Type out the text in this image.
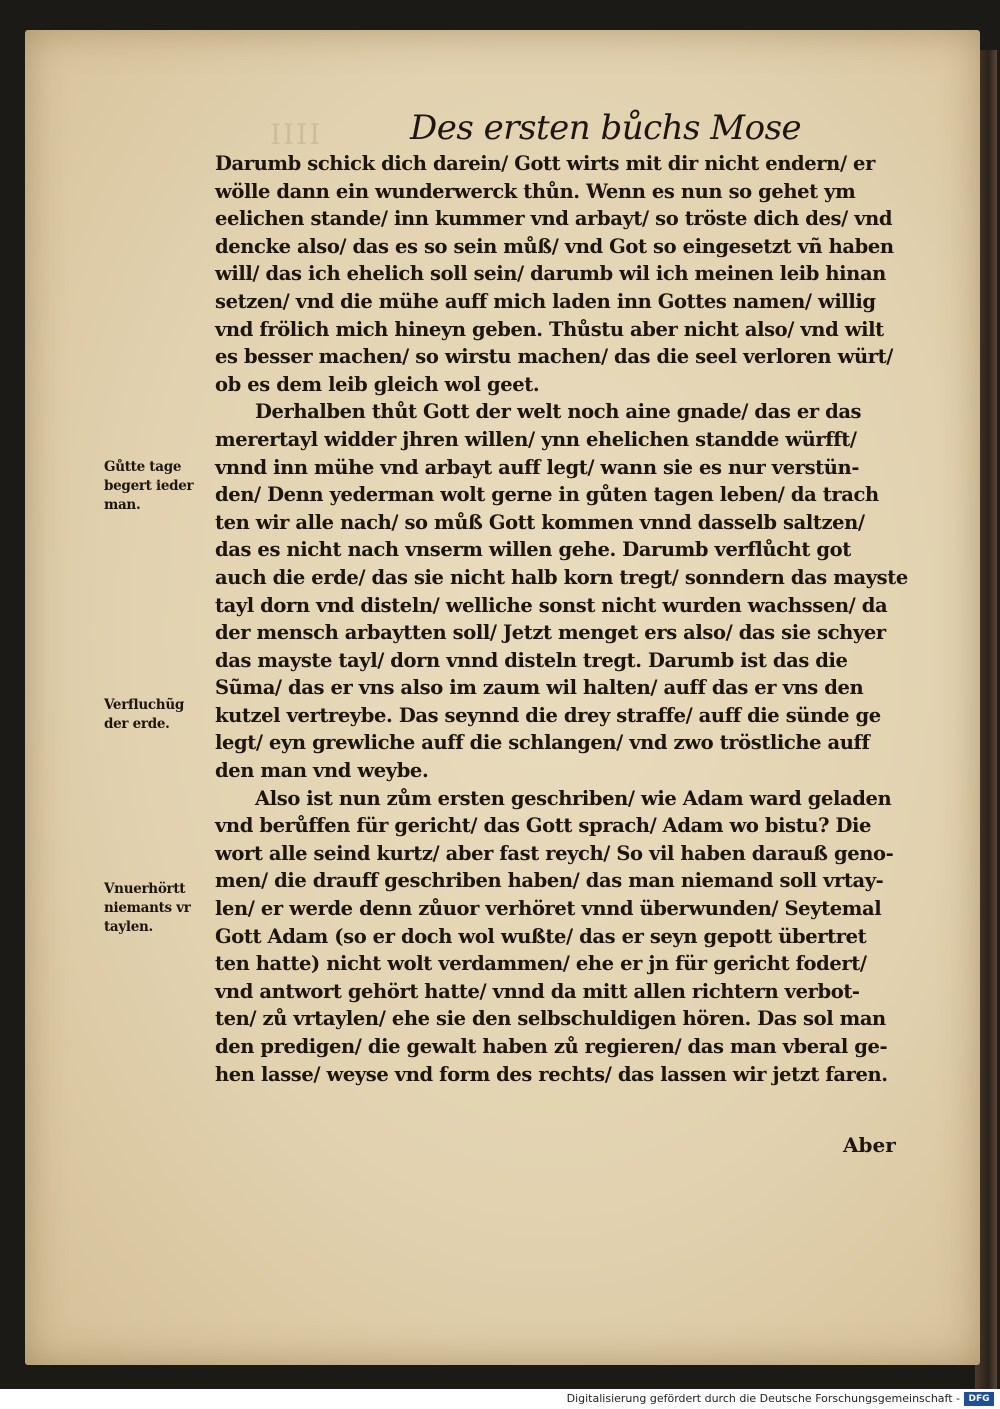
IIII	Des ersten bůchs Mose
Darumb schick dich darein/ Gott wirts mit dir nicht endern/ er
wölle dann ein wunderwerck thůn. Wenn es nun so gehet ym
eelichen stande/ inn kummer vnd arbayt/ so tröste dich des/ vnd
dencke also/ das es so sein můß/ vnd Got so eingesetzt vñ haben
will/ das ich ehelich soll sein/ darumb wil ich meinen leib hinan
setzen/ vnd die mühe auff mich laden inn Gottes namen/ willig
vnd frölich mich hineyn geben. Thůstu aber nicht also/ vnd wilt
es besser machen/ so wirstu machen/ das die seel verloren würt/
ob es dem leib gleich wol geet.
Derhalben thůt Gott der welt noch aine gnade/ das er das
merertayl widder jhren willen/ ynn ehelichen standde würfft/
vnnd inn mühe vnd arbayt auff legt/ wann sie es nur verstün-
den/ Denn yederman wolt gerne in gůten tagen leben/ da trach
ten wir alle nach/ so můß Gott kommen vnnd dasselb saltzen/
das es nicht nach vnserm willen gehe. Darumb verflůcht got
auch die erde/ das sie nicht halb korn tregt/ sonndern das mayste
tayl dorn vnd disteln/ welliche sonst nicht wurden wachssen/ da
der mensch arbaytten soll/ Jetzt menget ers also/ das sie schyer
das mayste tayl/ dorn vnnd disteln tregt. Darumb ist das die
Sũma/ das er vns also im zaum wil halten/ auff das er vns den
kutzel vertreybe. Das seynnd die drey straffe/ auff die sünde ge
legt/ eyn grewliche auff die schlangen/ vnd zwo tröstliche auff
den man vnd weybe.
Also ist nun zům ersten geschriben/ wie Adam ward geladen
vnd berůffen für gericht/ das Gott sprach/ Adam wo bistu? Die
wort alle seind kurtz/ aber fast reych/ So vil haben darauß geno-
men/ die drauff geschriben haben/ das man niemand soll vrtay-
len/ er werde denn zůuor verhöret vnnd überwunden/ Seytemal
Gott Adam (so er doch wol wußte/ das er seyn gepott übertret
ten hatte) nicht wolt verdammen/ ehe er jn für gericht fodert/
vnd antwort gehört hatte/ vnnd da mitt allen richtern verbot-
ten/ zů vrtaylen/ ehe sie den selbschuldigen hören. Das sol man
den predigen/ die gewalt haben zů regieren/ das man vberal ge-
hen lasse/ weyse vnd form des rechts/ das lassen wir jetzt faren.
Gůtte tage
begert ieder
man.
Verfluchũg
der erde.
Vnuerhörtt
niemants vr
taylen.
Aber
Digitalisierung gefördert durch die Deutsche Forschungsgemeinschaft - DFG
